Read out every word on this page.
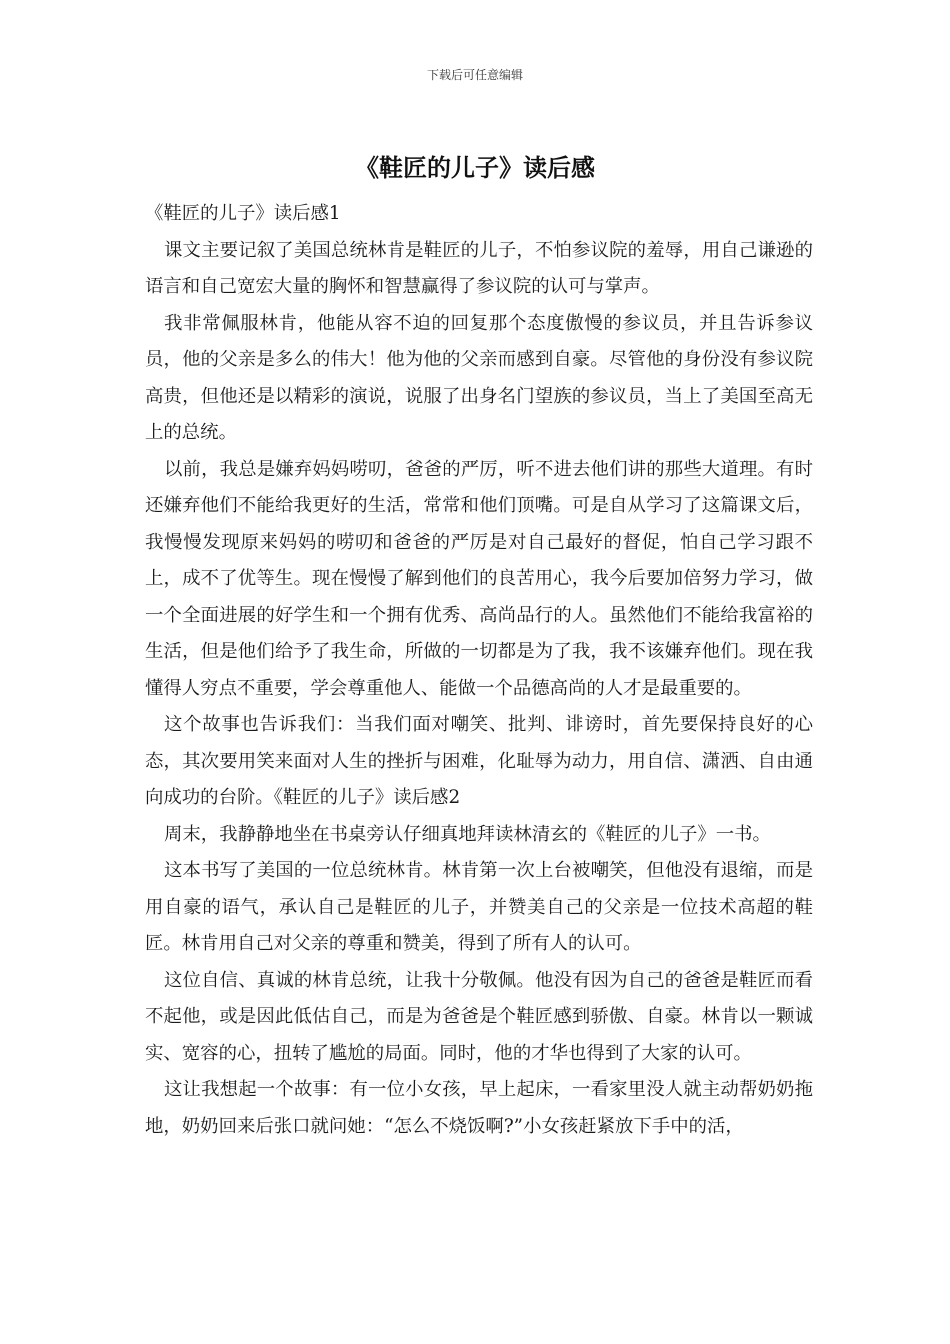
下载后可任意编辑
《鞋匠的儿子》读后感

《鞋匠的儿子》读后感1

课文主要记叙了美国总统林肯是鞋匠的儿子，不怕参议院的羞辱，用自己谦逊的语言和自己宽宏大量的胸怀和智慧赢得了参议院的认可与掌声。

我非常佩服林肯，他能从容不迫的回复那个态度傲慢的参议员，并且告诉参议员，他的父亲是多么的伟大！他为他的父亲而感到自豪。尽管他的身份没有参议院高贵，但他还是以精彩的演说，说服了出身名门望族的参议员，当上了美国至高无上的总统。

以前，我总是嫌弃妈妈唠叨，爸爸的严厉，听不进去他们讲的那些大道理。有时还嫌弃他们不能给我更好的生活，常常和他们顶嘴。可是自从学习了这篇课文后，我慢慢发现原来妈妈的唠叨和爸爸的严厉是对自己最好的督促，怕自己学习跟不上，成不了优等生。现在慢慢了解到他们的良苦用心，我今后要加倍努力学习，做一个全面进展的好学生和一个拥有优秀、高尚品行的人。虽然他们不能给我富裕的生活，但是他们给予了我生命，所做的一切都是为了我，我不该嫌弃他们。现在我懂得人穷点不重要，学会尊重他人、能做一个品德高尚的人才是最重要的。

这个故事也告诉我们：当我们面对嘲笑、批判、诽谤时，首先要保持良好的心态，其次要用笑来面对人生的挫折与困难，化耻辱为动力，用自信、潇洒、自由通向成功的台阶。《鞋匠的儿子》读后感2

周末，我静静地坐在书桌旁认仔细真地拜读林清玄的《鞋匠的儿子》一书。

这本书写了美国的一位总统林肯。林肯第一次上台被嘲笑，但他没有退缩，而是用自豪的语气，承认自己是鞋匠的儿子，并赞美自己的父亲是一位技术高超的鞋匠。林肯用自己对父亲的尊重和赞美，得到了所有人的认可。

这位自信、真诚的林肯总统，让我十分敬佩。他没有因为自己的爸爸是鞋匠而看不起他，或是因此低估自己，而是为爸爸是个鞋匠感到骄傲、自豪。林肯以一颗诚实、宽容的心，扭转了尴尬的局面。同时，他的才华也得到了大家的认可。

这让我想起一个故事：有一位小女孩，早上起床，一看家里没人就主动帮奶奶拖地，奶奶回来后张口就问她：“怎么不烧饭啊?”小女孩赶紧放下手中的活，
